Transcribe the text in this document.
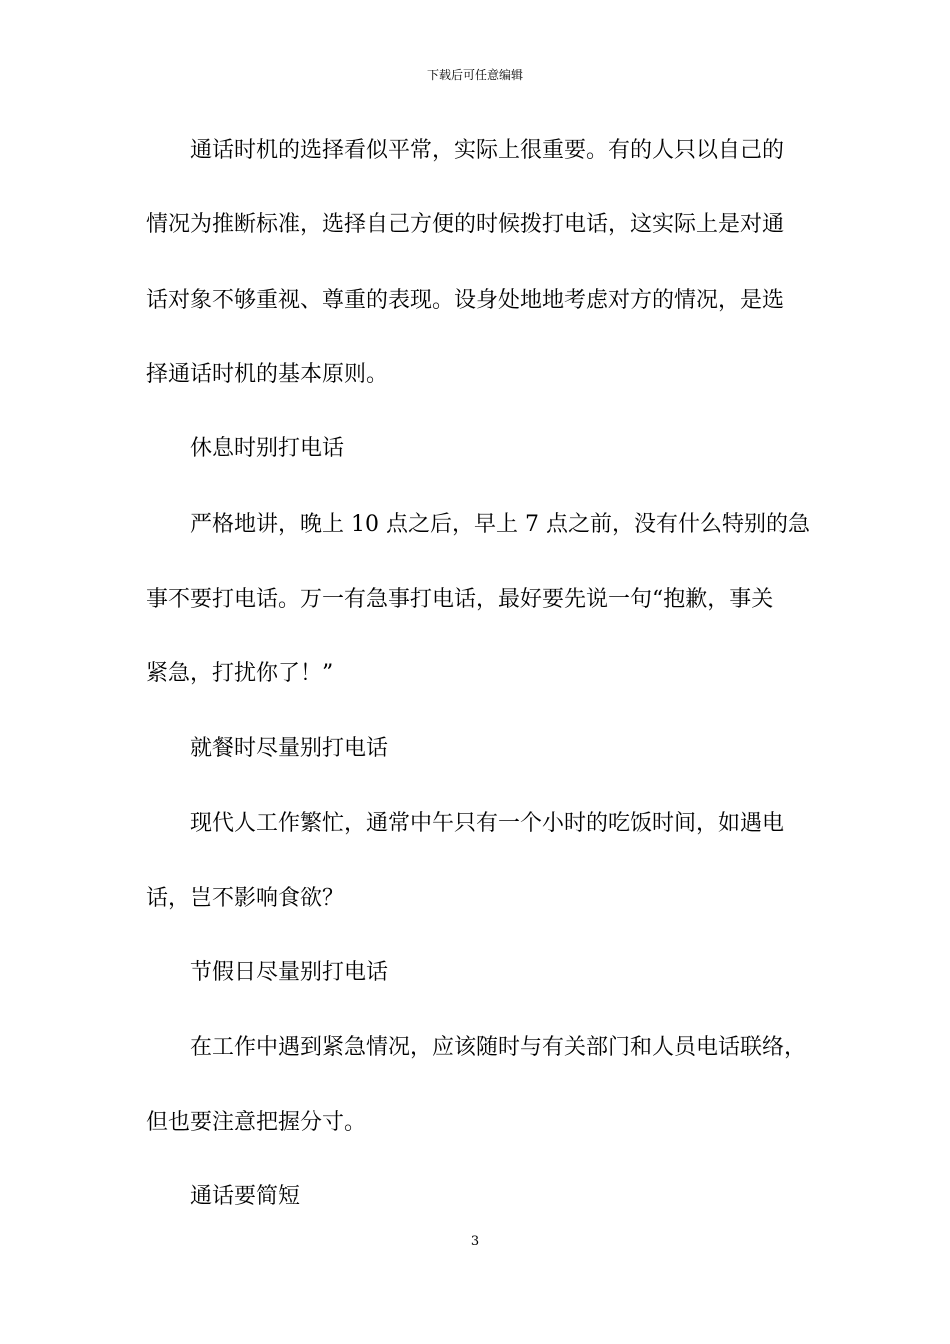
下载后可任意编辑
通话时机的选择看似平常，实际上很重要。有的人只以自己的
情况为推断标准，选择自己方便的时候拨打电话，这实际上是对通
话对象不够重视、尊重的表现。设身处地地考虑对方的情况，是选
择通话时机的基本原则。
休息时别打电话
严格地讲，晚上 10 点之后，早上 7 点之前，没有什么特别的急
事不要打电话。万一有急事打电话，最好要先说一句“抱歉，事关
紧急，打扰你了！”
就餐时尽量别打电话
现代人工作繁忙，通常中午只有一个小时的吃饭时间，如遇电
话，岂不影响食欲？
节假日尽量别打电话
在工作中遇到紧急情况，应该随时与有关部门和人员电话联络，
但也要注意把握分寸。
通话要简短
3
